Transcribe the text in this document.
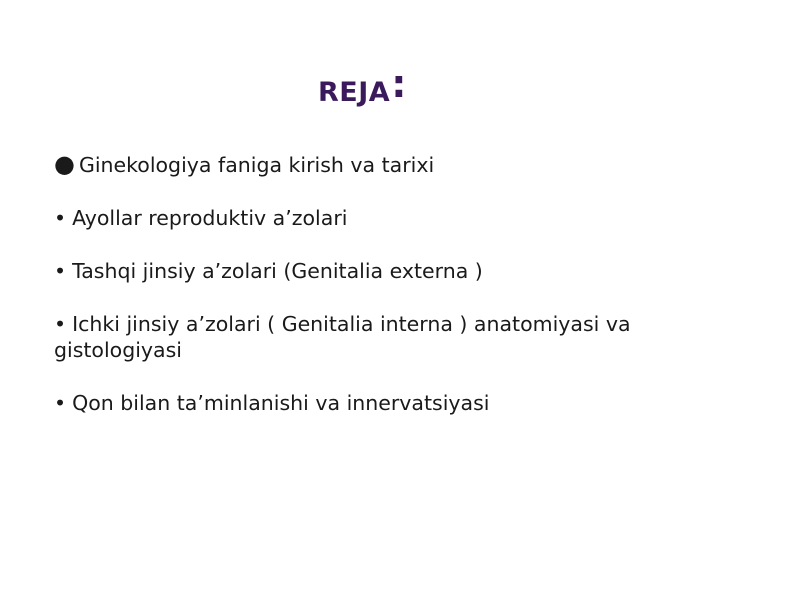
REJA:
● Ginekologiya faniga kirish va tarixi
• Ayollar reproduktiv a’zolari
• Tashqi jinsiy a’zolari (Genitalia externa )
• Ichki jinsiy a’zolari ( Genitalia interna ) anatomiyasi va gistologiyasi
• Qon bilan ta’minlanishi va innervatsiyasi
